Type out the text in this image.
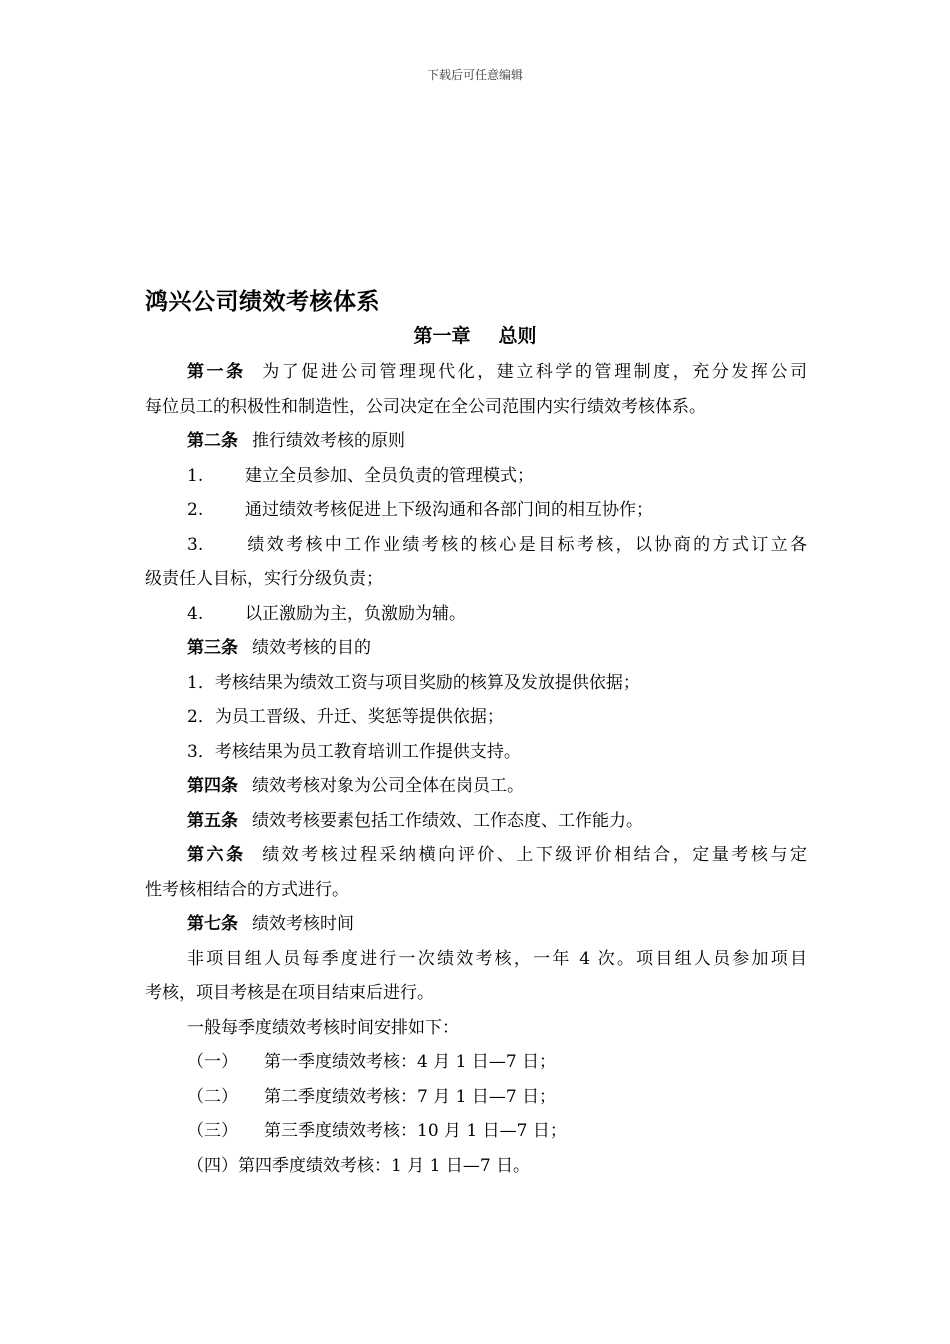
下载后可任意编辑
鸿兴公司绩效考核体系
第一章 总则

第一条 为了促进公司管理现代化，建立科学的管理制度，充分发挥公司

每位员工的积极性和制造性，公司决定在全公司范围内实行绩效考核体系。

第二条 推行绩效考核的原则

1. 建立全员参加、全员负责的管理模式；

2. 通过绩效考核促进上下级沟通和各部门间的相互协作；

3. 绩效考核中工作业绩考核的核心是目标考核，以协商的方式订立各

级责任人目标，实行分级负责；

4. 以正激励为主，负激励为辅。

第三条 绩效考核的目的

1．考核结果为绩效工资与项目奖励的核算及发放提供依据；

2．为员工晋级、升迁、奖惩等提供依据；

3．考核结果为员工教育培训工作提供支持。

第四条 绩效考核对象为公司全体在岗员工。

第五条 绩效考核要素包括工作绩效、工作态度、工作能力。

第六条 绩效考核过程采纳横向评价、上下级评价相结合，定量考核与定

性考核相结合的方式进行。

第七条 绩效考核时间

非项目组人员每季度进行一次绩效考核，一年 4 次。项目组人员参加项目

考核，项目考核是在项目结束后进行。

一般每季度绩效考核时间安排如下：

（一） 第一季度绩效考核：4 月 1 日—7 日；

（二） 第二季度绩效考核：7 月 1 日—7 日；

（三） 第三季度绩效考核：10 月 1 日—7 日；

（四）第四季度绩效考核：1 月 1 日—7 日。
